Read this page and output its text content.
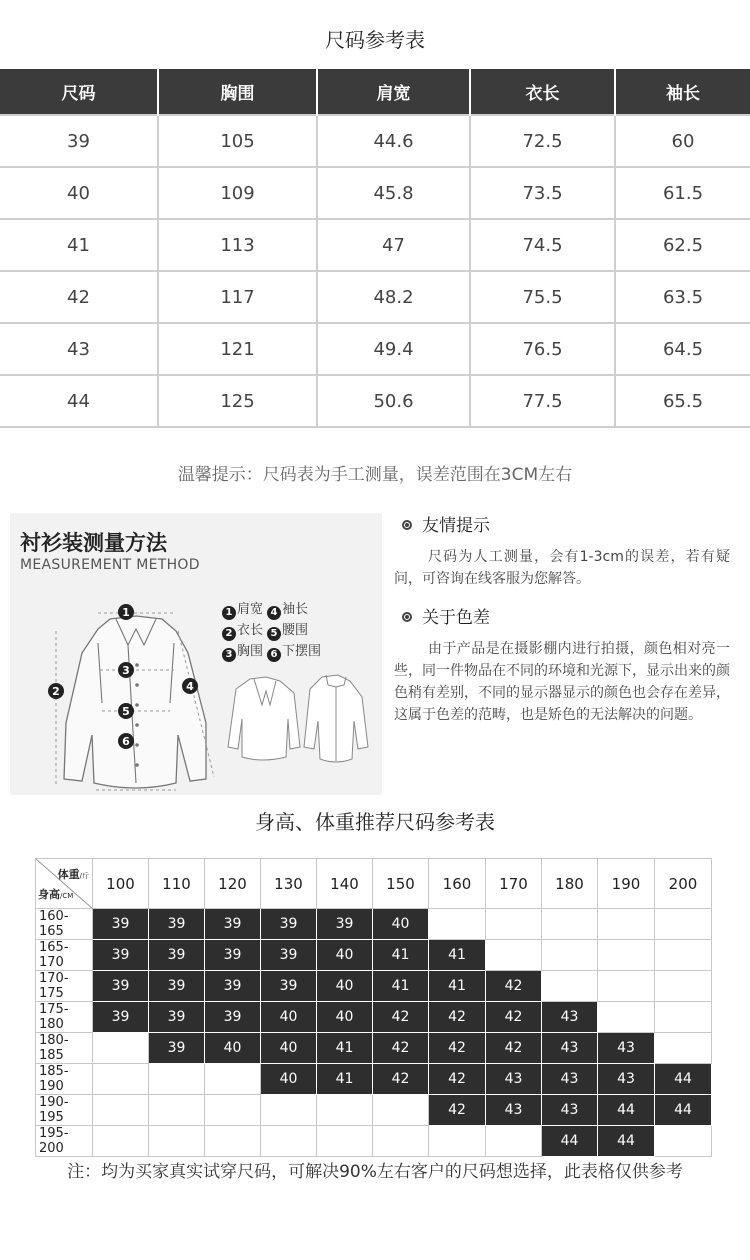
尺码参考表
尺码	胸围	肩宽	衣长	袖长
39	105	44.6	72.5	60
40	109	45.8	73.5	61.5
41	113	47	74.5	62.5
42	117	48.2	75.5	63.5
43	121	49.4	76.5	64.5
44	125	50.6	77.5	65.5
温馨提示：尺码表为手工测量，误差范围在3CM左右
1
2
3
4
5
6
衬衫装测量方法
MEASUREMENT METHOD
1 肩宽 4 袖长
2 衣长 5 腰围
3 胸围 6 下摆围
友情提示

尺码为人工测量，会有1-3cm的误差，若有疑问，可咨询在线客服为您解答。

关于色差

由于产品是在摄影棚内进行拍摄，颜色相对亮一些，同一件物品在不同的环境和光源下，显示出来的颜色稍有差别，不同的显示器显示的颜色也会存在差异，这属于色差的范畴，也是矫色的无法解决的问题。

身高、体重推荐尺码参考表
体重/斤
身高/CM	100	110	120	130	140	150	160	170	180	190	200
160-165	39	39	39	39	39	40					
165-170	39	39	39	39	40	41	41				
170-175	39	39	39	39	40	41	41	42			
175-180	39	39	39	40	40	42	42	42	43		
180-185		39	40	40	41	42	42	42	43	43	
185-190				40	41	42	42	43	43	43	44
190-195							42	43	43	44	44
195-200									44	44	
注：均为买家真实试穿尺码，可解决90%左右客户的尺码想选择，此表格仅供参考
